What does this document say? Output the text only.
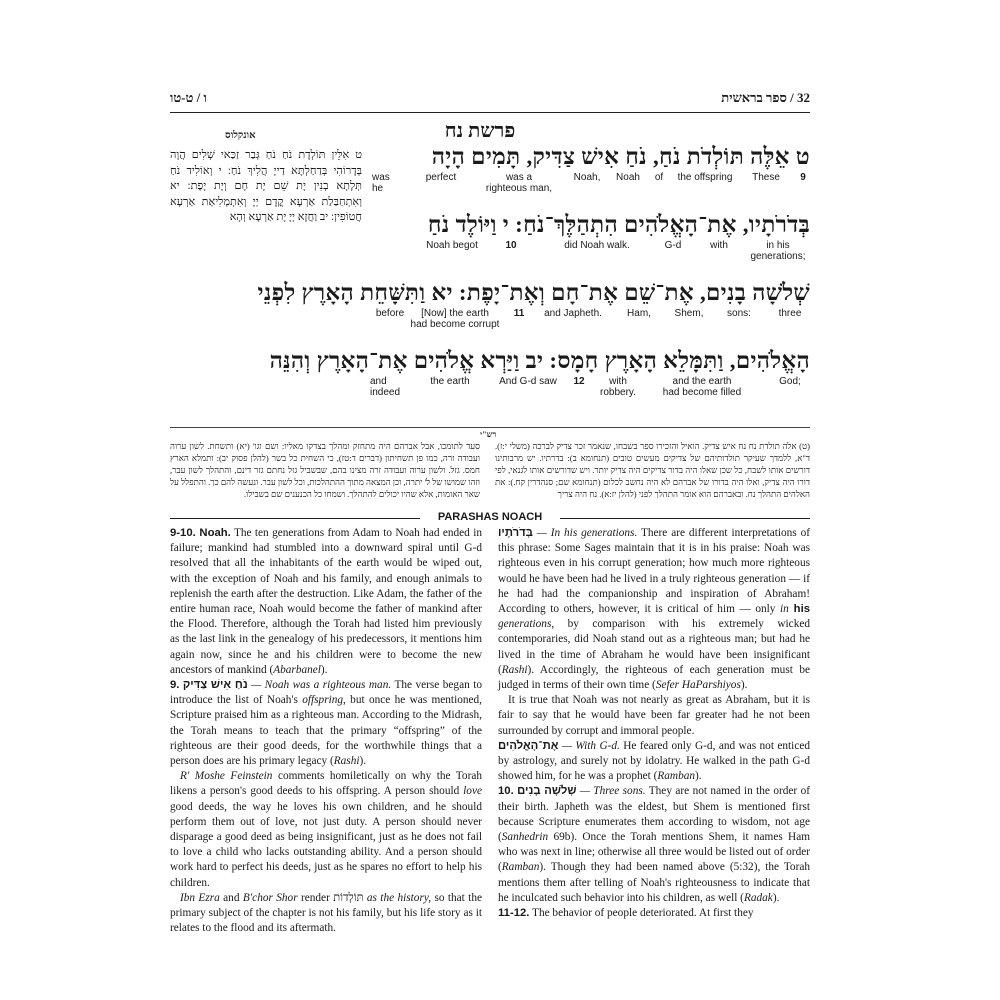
ו / ט-טו	32 / ספר בראשית
פרשת נח
אונקלוס
ט אִלֵּין תּוֹלְדָת נֹחַ נֹחַ גְּבַר זַכַּאי שְׁלִים הֲוָה בְּדָרוֹהִי בְּדַחַלְתָּא דַייָ הֲלִיךְ נֹחַ: י וְאוֹלִיד נֹחַ תְּלָתָא בְנִין יָת שֵׁם יָת חָם וְיָת יָפֶת: יא וְאִתְחַבַּלַת אַרְעָא קֳדָם יְיָ וְאִתְמְלִיאַת אַרְעָא חֲטוֹפִין: יב וַחֲזָא יְיָ יָת אַרְעָא וְהָא
ט אֵלֶּה תּוֹלְדֹת נֹחַ, נֹחַ אִישׁ צַדִּיק, תָּמִים הָיָה
9
These
the offspring
of
Noah
Noah,
was a
righteous man,
perfect
was
he
בְּדֹרֹתָיו, אֶת־הָאֱלֹהִים הִתְהַלֶּךְ־נֹחַ: י וַיּוֹלֶד נֹחַ
in his
generations;
with
G‑d
did Noah walk.
10
Noah begot
שְׁלֹשָׁה בָנִים, אֶת־שֵׁם אֶת־חָם וְאֶת־יָפֶת: יא וַתִּשָּׁחֵת הָאָרֶץ לִפְנֵי
three
sons:
Shem,
Ham,
and Japheth.
11
[Now] the earth
had become corrupt
before
הָאֱלֹהִים, וַתִּמָּלֵא הָאָרֶץ חָמָס: יב וַיַּרְא אֱלֹהִים אֶת־הָאָרֶץ וְהִנֵּה
God;
and the earth
had become filled
with
robbery.
12
And G‑d saw
the earth
and
indeed
רש"י
(ט) אלה תולדת נח נח איש צדיק. הואיל והזכירו ספר בשבחו, שנאמר זכר צדיק לברכה (משלי י:ז). ד"א, ללמדך שעיקר תולדותיהם של צדיקים מעשים טובים (תנחומא ב): בדרתיו. יש מרבותינו דורשים אותו לשבח, כל שכן שאלו היה בדור צדיקים היה צדיק יותר. ויש שדורשים אותו לגנאי, לפי דורו היה צדיק, ואלו היה בדורו של אברהם לא היה נחשב לכלום (תנחומא שם; סנהדרין קח.): את האלהים התהלך נח. ובאברהם הוא אומר התהלך לפני (להלן יז:א). נח היה צריך
סעד לתומכו, אבל אברהם היה מתחזק ומהלך בצדקו מאליו: ושם וגו' (יא) ותשחת. לשון ערוה ועבודה זרה, כמו פן תשחיתון (דברים ד:טז), כי השחית כל בשר (להלן פסוק יב): ותמלא הארץ חמס. גזל. ולשון ערוה ועבודה זרה מצינו בהם, שבשביל גזל נחתם גזר דינם, והתהלך לשון עבר, וזהו שמושו של ל' יתרה, וכן המצאה מתוך ההתהלכות, וכל לשון עבר. ונעשה להם כך. והתפלל על שאר האומות, אלא שהיו יכולים להתהלך. ושמחו כל הכנענים שם בשבילו.
PARASHAS NOACH

9-10. Noah. The ten generations from Adam to Noah had ended in failure; mankind had stumbled into a downward spiral until G‑d resolved that all the inhabitants of the earth would be wiped out, with the exception of Noah and his family, and enough animals to replenish the earth after the destruction. Like Adam, the father of the entire human race, Noah would become the father of mankind after the Flood. Therefore, although the Torah had listed him previously as the last link in the genealogy of his predecessors, it mentions him again now, since he and his children were to become the new ancestors of mankind (Abarbanel).

9. נֹחַ אִישׁ צַדִּיק — Noah was a righteous man. The verse began to introduce the list of Noah's offspring, but once he was mentioned, Scripture praised him as a righteous man. According to the Midrash, the Torah means to teach that the primary “offspring” of the righteous are their good deeds, for the worthwhile things that a person does are his primary legacy (Rashi).

R' Moshe Feinstein comments homiletically on why the Torah likens a person's good deeds to his offspring. A person should love good deeds, the way he loves his own children, and he should perform them out of love, not just duty. A person should never disparage a good deed as being insignificant, just as he does not fail to love a child who lacks outstanding ability. And a person should work hard to perfect his deeds, just as he spares no effort to help his children.

Ibn Ezra and B'chor Shor render תּוֹלְדוֹת as the history, so that the primary subject of the chapter is not his family, but his life story as it relates to the flood and its aftermath.

בְּדֹרֹתָיו — In his generations. There are different interpretations of this phrase: Some Sages maintain that it is in his praise: Noah was righteous even in his corrupt generation; how much more righteous would he have been had he lived in a truly righteous generation — if he had had the companionship and inspiration of Abraham! According to others, however, it is critical of him — only in his generations, by comparison with his extremely wicked contemporaries, did Noah stand out as a righteous man; but had he lived in the time of Abraham he would have been insignificant (Rashi). Accordingly, the righteous of each generation must be judged in terms of their own time (Sefer HaParshiyos).

It is true that Noah was not nearly as great as Abraham, but it is fair to say that he would have been far greater had he not been surrounded by corrupt and immoral people.

אֶת־הָאֱלֹהִים — With G‑d. He feared only G‑d, and was not enticed by astrology, and surely not by idolatry. He walked in the path G‑d showed him, for he was a prophet (Ramban).

10. שְׁלֹשָׁה בָנִים — Three sons. They are not named in the order of their birth. Japheth was the eldest, but Shem is mentioned first because Scripture enumerates them according to wisdom, not age (Sanhedrin 69b). Once the Torah mentions Shem, it names Ham who was next in line; otherwise all three would be listed out of order (Ramban). Though they had been named above (5:32), the Torah mentions them after telling of Noah's righteousness to indicate that he inculcated such behavior into his children, as well (Radak).

11-12. The behavior of people deteriorated. At first they
